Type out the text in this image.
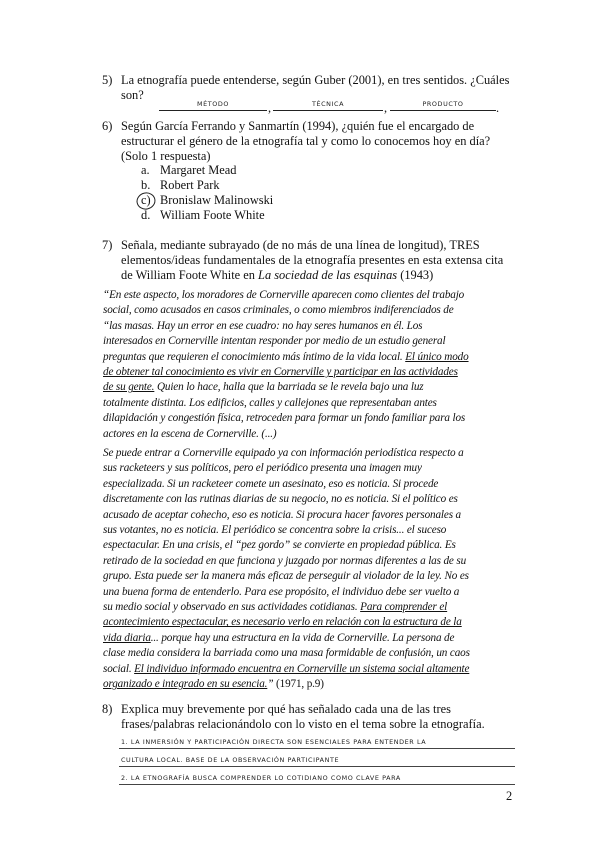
5) La etnografía puede entenderse, según Guber (2001), en tres sentidos. ¿Cuáles son?
MÉTODO	,	TÉCNICA	,	PRODUCTO	.
6) Según García Ferrando y Sanmartín (1994), ¿quién fue el encargado de estructurar el género de la etnografía tal y como lo conocemos hoy en día? (Solo 1 respuesta)
a. Margaret Mead
b. Robert Park
c) Bronislaw Malinowski
d. William Foote White
7) Señala, mediante subrayado (de no más de una línea de longitud), TRES elementos/ideas fundamentales de la etnografía presentes en esta extensa cita de William Foote White en La sociedad de las esquinas (1943)
“En este aspecto, los moradores de Cornerville aparecen como clientes del trabajo
social, como acusados en casos criminales, o como miembros indiferenciados de
“las masas. Hay un error en ese cuadro: no hay seres humanos en él. Los
interesados en Cornerville intentan responder por medio de un estudio general
preguntas que requieren el conocimiento más íntimo de la vida local. El único modo
de obtener tal conocimiento es vivir en Cornerville y participar en las actividades
de su gente. Quien lo hace, halla que la barriada se le revela bajo una luz
totalmente distinta. Los edificios, calles y callejones que representaban antes
dilapidación y congestión física, retroceden para formar un fondo familiar para los
actores en la escena de Cornerville. (...)
Se puede entrar a Cornerville equipado ya con información periodística respecto a
sus racketeers y sus políticos, pero el periódico presenta una imagen muy
especializada. Si un racketeer comete un asesinato, eso es noticia. Si procede
discretamente con las rutinas diarias de su negocio, no es noticia. Si el político es
acusado de aceptar cohecho, eso es noticia. Si procura hacer favores personales a
sus votantes, no es noticia. El periódico se concentra sobre la crisis... el suceso
espectacular. En una crisis, el “pez gordo” se convierte en propiedad pública. Es
retirado de la sociedad en que funciona y juzgado por normas diferentes a las de su
grupo. Esta puede ser la manera más eficaz de perseguir al violador de la ley. No es
una buena forma de entenderlo. Para ese propósito, el individuo debe ser vuelto a
su medio social y observado en sus actividades cotidianas. Para comprender el
acontecimiento espectacular, es necesario verlo en relación con la estructura de la
vida diaria... porque hay una estructura en la vida de Cornerville. La persona de
clase media considera la barriada como una masa formidable de confusión, un caos
social. El individuo informado encuentra en Cornerville un sistema social altamente
organizado e integrado en su esencia.” (1971, p.9)
8) Explica muy brevemente por qué has señalado cada una de las tres frases/palabras relacionándolo con lo visto en el tema sobre la etnografía.
1. LA INMERSIÓN Y PARTICIPACIÓN DIRECTA SON ESENCIALES PARA ENTENDER LA
CULTURA LOCAL. BASE DE LA OBSERVACIÓN PARTICIPANTE
2. LA ETNOGRAFÍA BUSCA COMPRENDER LO COTIDIANO COMO CLAVE PARA
2
